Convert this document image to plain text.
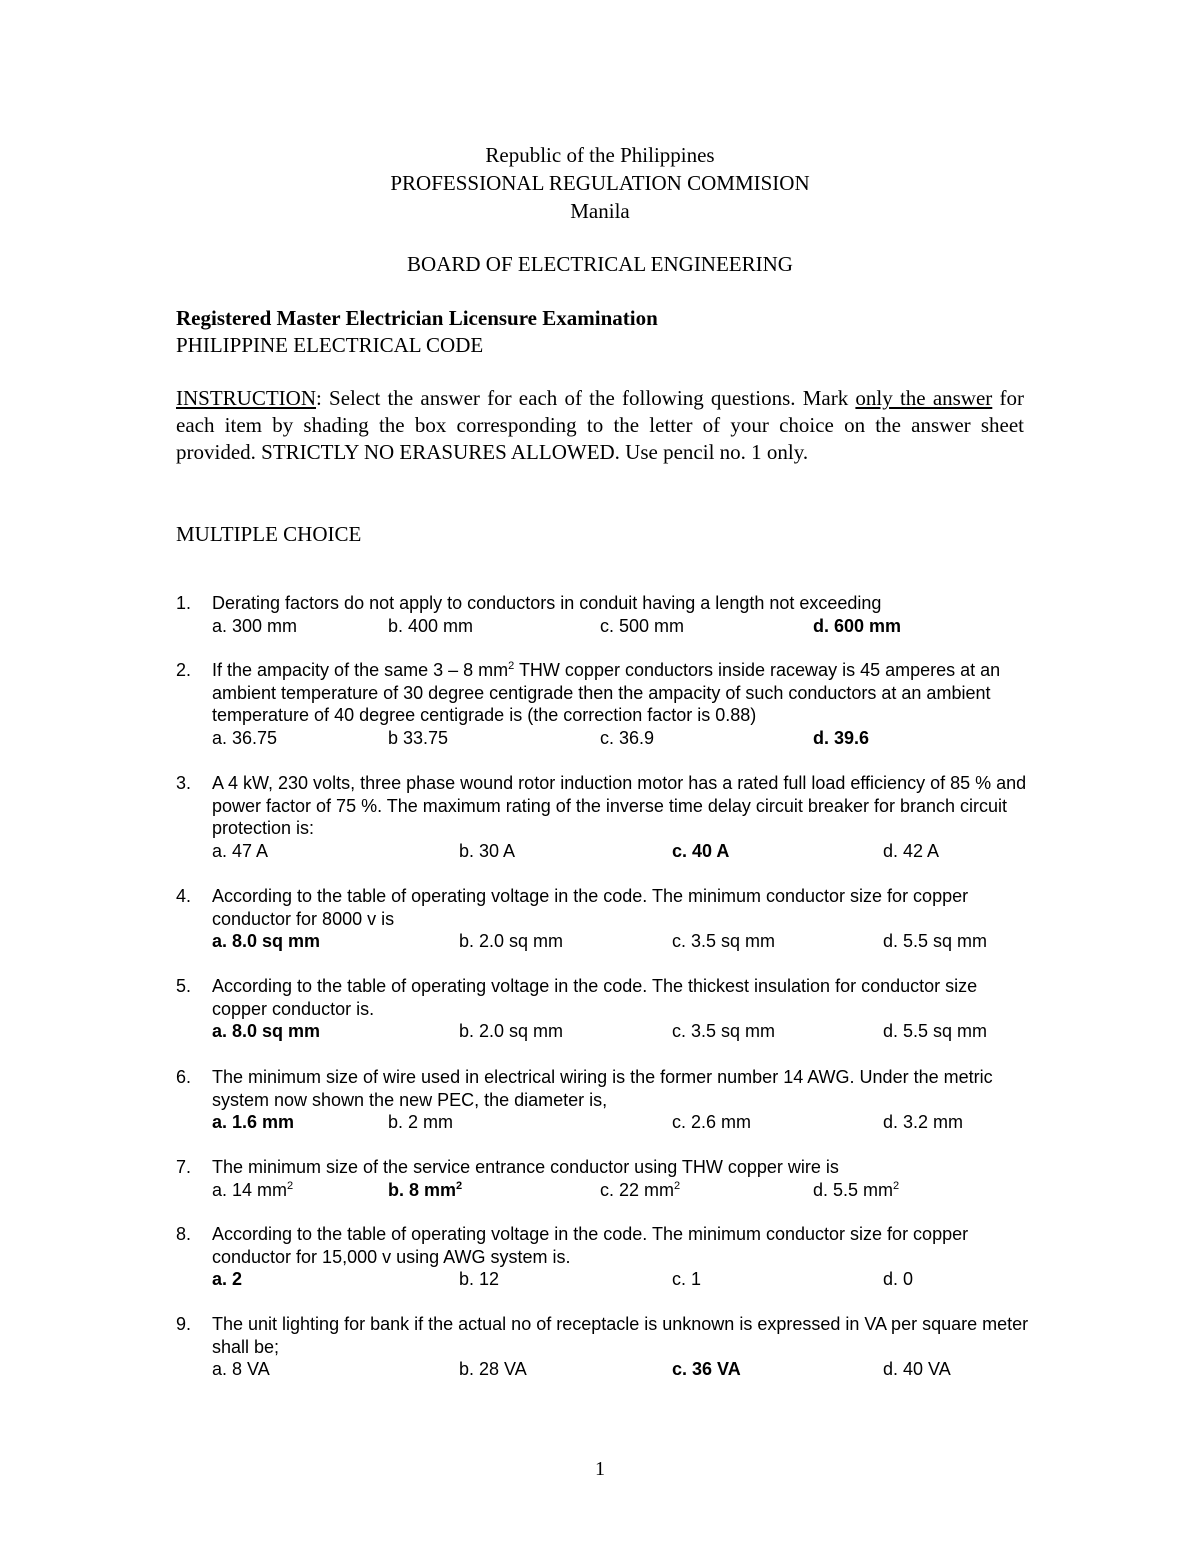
Republic of the Philippines
PROFESSIONAL REGULATION COMMISION
Manila
BOARD OF ELECTRICAL ENGINEERING
Registered Master Electrician Licensure Examination
PHILIPPINE ELECTRICAL CODE
INSTRUCTION: Select the answer for each of the following questions. Mark only the answer for each item by shading the box corresponding to the letter of your choice on the answer sheet provided. STRICTLY NO ERASURES ALLOWED. Use pencil no. 1 only.
MULTIPLE CHOICE
1. Derating factors do not apply to conductors in conduit having a length not exceeding
a. 300 mm	b. 400 mm	c. 500 mm	d. 600 mm
2. If the ampacity of the same 3 – 8 $mm^2$ THW copper conductors inside raceway is 45 amperes at an ambient temperature of 30 degree centigrade then the ampacity of such conductors at an ambient temperature of 40 degree centigrade is (the correction factor is 0.88)
a. 36.75	b 33.75	c. 36.9	d. 39.6
3. A 4 kW, 230 volts, three phase wound rotor induction motor has a rated full load efficiency of 85 % and power factor of 75 %. The maximum rating of the inverse time delay circuit breaker for branch circuit protection is:
a. 47 A	b. 30 A	c. 40 A	d. 42 A
4. According to the table of operating voltage in the code. The minimum conductor size for copper conductor for 8000 v is
a. 8.0 sq mm	b. 2.0 sq mm	c. 3.5 sq mm	d. 5.5 sq mm
5. According to the table of operating voltage in the code. The thickest insulation for conductor size copper conductor is.
a. 8.0 sq mm	b. 2.0 sq mm	c. 3.5 sq mm	d. 5.5 sq mm
6. The minimum size of wire used in electrical wiring is the former number 14 AWG. Under the metric system now shown the new PEC, the diameter is,
a. 1.6 mm	b. 2 mm	c. 2.6 mm	d. 3.2 mm
7. The minimum size of the service entrance conductor using THW copper wire is
a. 14 $mm^2$	b. 8 $mm^2$	c. 22 $mm^2$	d. 5.5 $mm^2$
8. According to the table of operating voltage in the code. The minimum conductor size for copper conductor for 15,000 v using AWG system is.
a. 2	b. 12	c. 1	d. 0
9. The unit lighting for bank if the actual no of receptacle is unknown is expressed in VA per square meter shall be;
a. 8 VA	b. 28 VA	c. 36 VA	d. 40 VA
1
